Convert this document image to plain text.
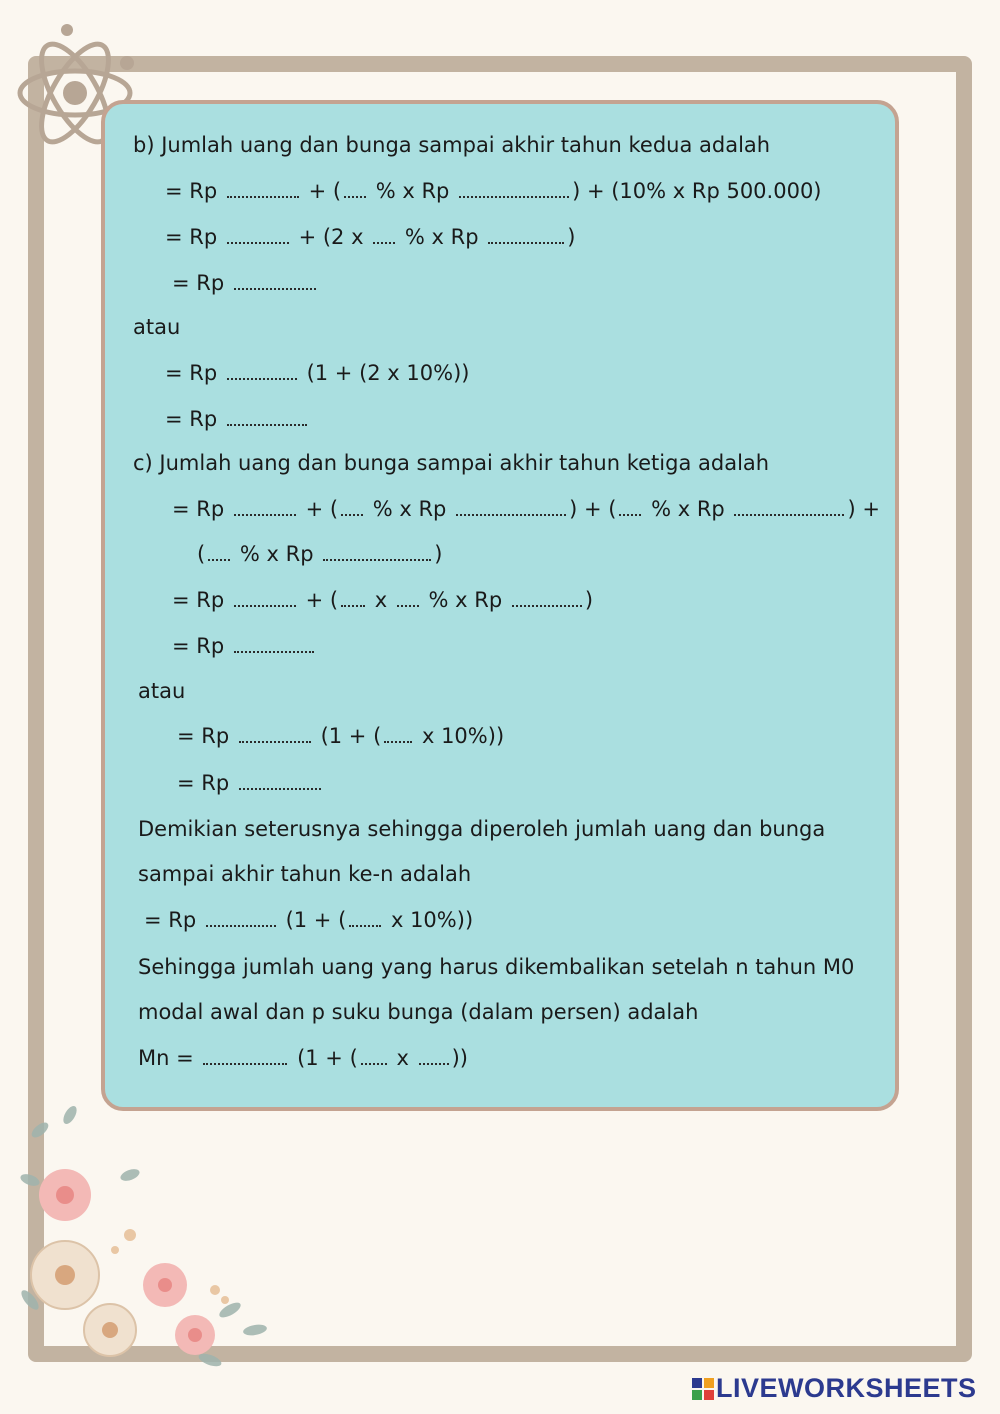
b) Jumlah uang dan bunga sampai akhir tahun kedua adalah
= Rp	+ ( % x Rp	) + (10% x Rp 500.000)
= Rp	+ (2 x % x Rp	)
= Rp
atau
= Rp	(1 + (2 x 10%))
= Rp
c) Jumlah uang dan bunga sampai akhir tahun ketiga adalah
= Rp	+ ( % x Rp	) + ( % x Rp	) +
( % x Rp	)
= Rp	+ ( x % x Rp	)
= Rp
atau
= Rp	(1 + ( x 10%))
= Rp
Demikian seterusnya sehingga diperoleh jumlah uang dan bunga
sampai akhir tahun ke-n adalah
= Rp	(1 + ( x 10%))
Sehingga jumlah uang yang harus dikembalikan setelah n tahun M0
modal awal dan p suku bunga (dalam persen) adalah
Mn =	(1 + ( x ))
LIVEWORKSHEETS
